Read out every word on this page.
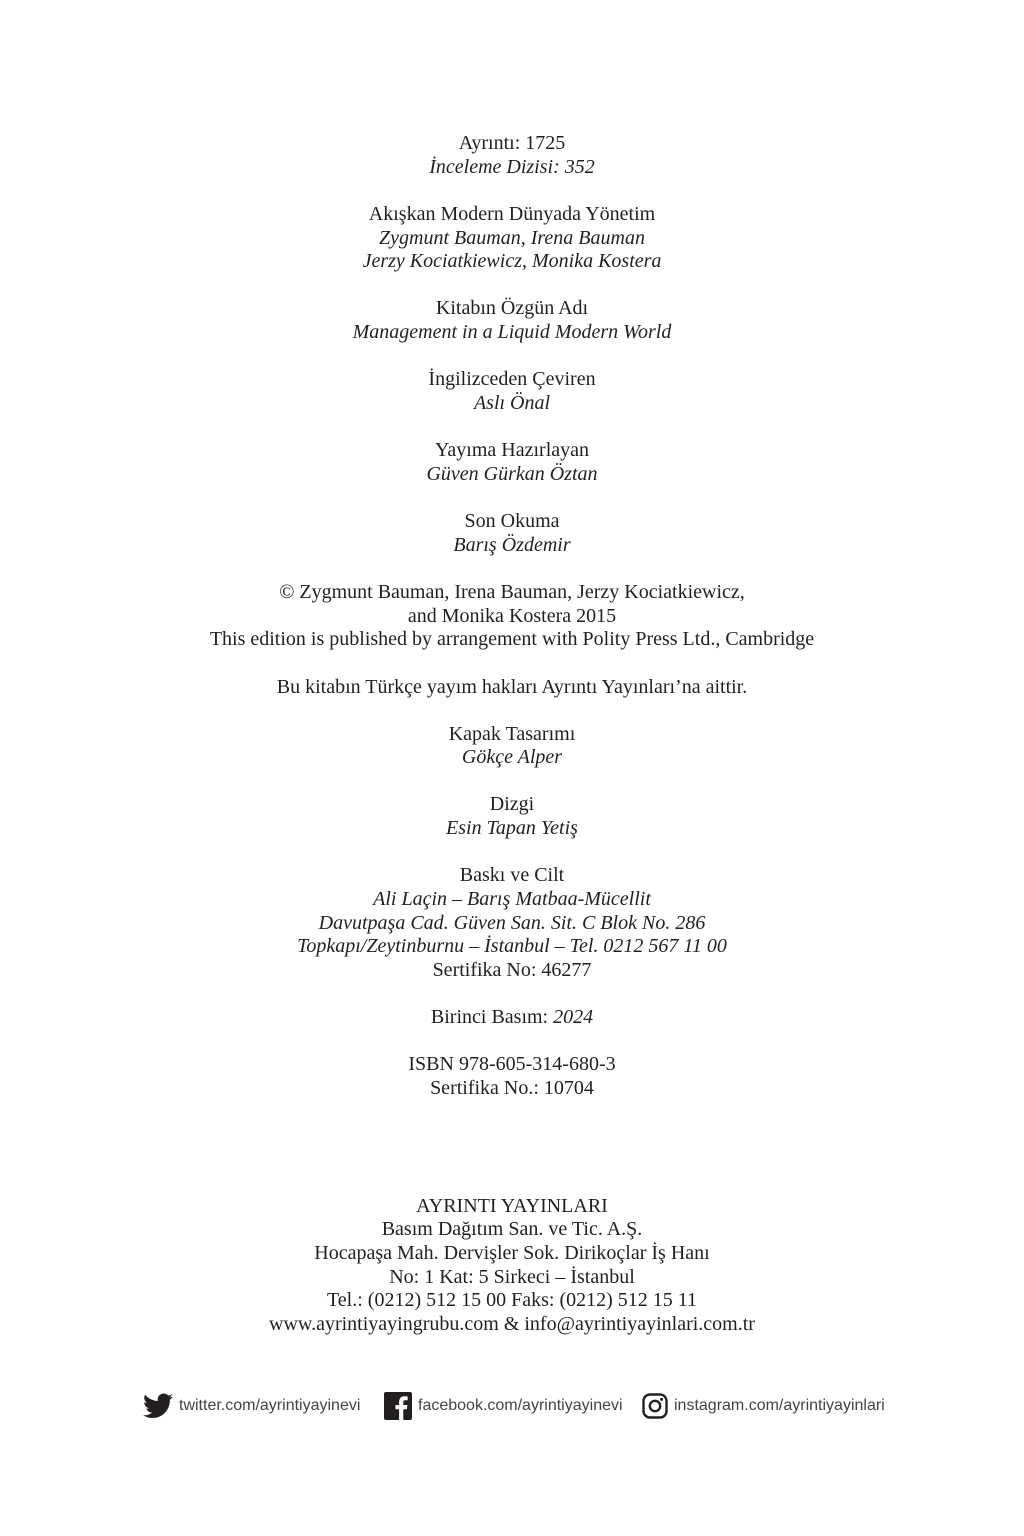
Ayrıntı: 1725
İnceleme Dizisi: 352
Akışkan Modern Dünyada Yönetim
Zygmunt Bauman, Irena Bauman
Jerzy Kociatkiewicz, Monika Kostera
Kitabın Özgün Adı
Management in a Liquid Modern World
İngilizceden Çeviren
Aslı Önal
Yayıma Hazırlayan
Güven Gürkan Öztan
Son Okuma
Barış Özdemir
© Zygmunt Bauman, Irena Bauman, Jerzy Kociatkiewicz,
and Monika Kostera 2015
This edition is published by arrangement with Polity Press Ltd., Cambridge
Bu kitabın Türkçe yayım hakları Ayrıntı Yayınları’na aittir.
Kapak Tasarımı
Gökçe Alper
Dizgi
Esin Tapan Yetiş
Baskı ve Cilt
Ali Laçin – Barış Matbaa-Mücellit
Davutpaşa Cad. Güven San. Sit. C Blok No. 286
Topkapı/Zeytinburnu – İstanbul – Tel. 0212 567 11 00
Sertifika No: 46277
Birinci Basım: 2024
ISBN 978-605-314-680-3
Sertifika No.: 10704
AYRINTI YAYINLARI
Basım Dağıtım San. ve Tic. A.Ş.
Hocapaşa Mah. Dervişler Sok. Dirikoçlar İş Hanı
No: 1 Kat: 5 Sirkeci – İstanbul
Tel.: (0212) 512 15 00 Faks: (0212) 512 15 11
www.ayrintiyayingrubu.com & info@ayrintiyayinlari.com.tr
twitter.com/ayrintiyayinevi	facebook.com/ayrintiyayinevi	instagram.com/ayrintiyayinlari
